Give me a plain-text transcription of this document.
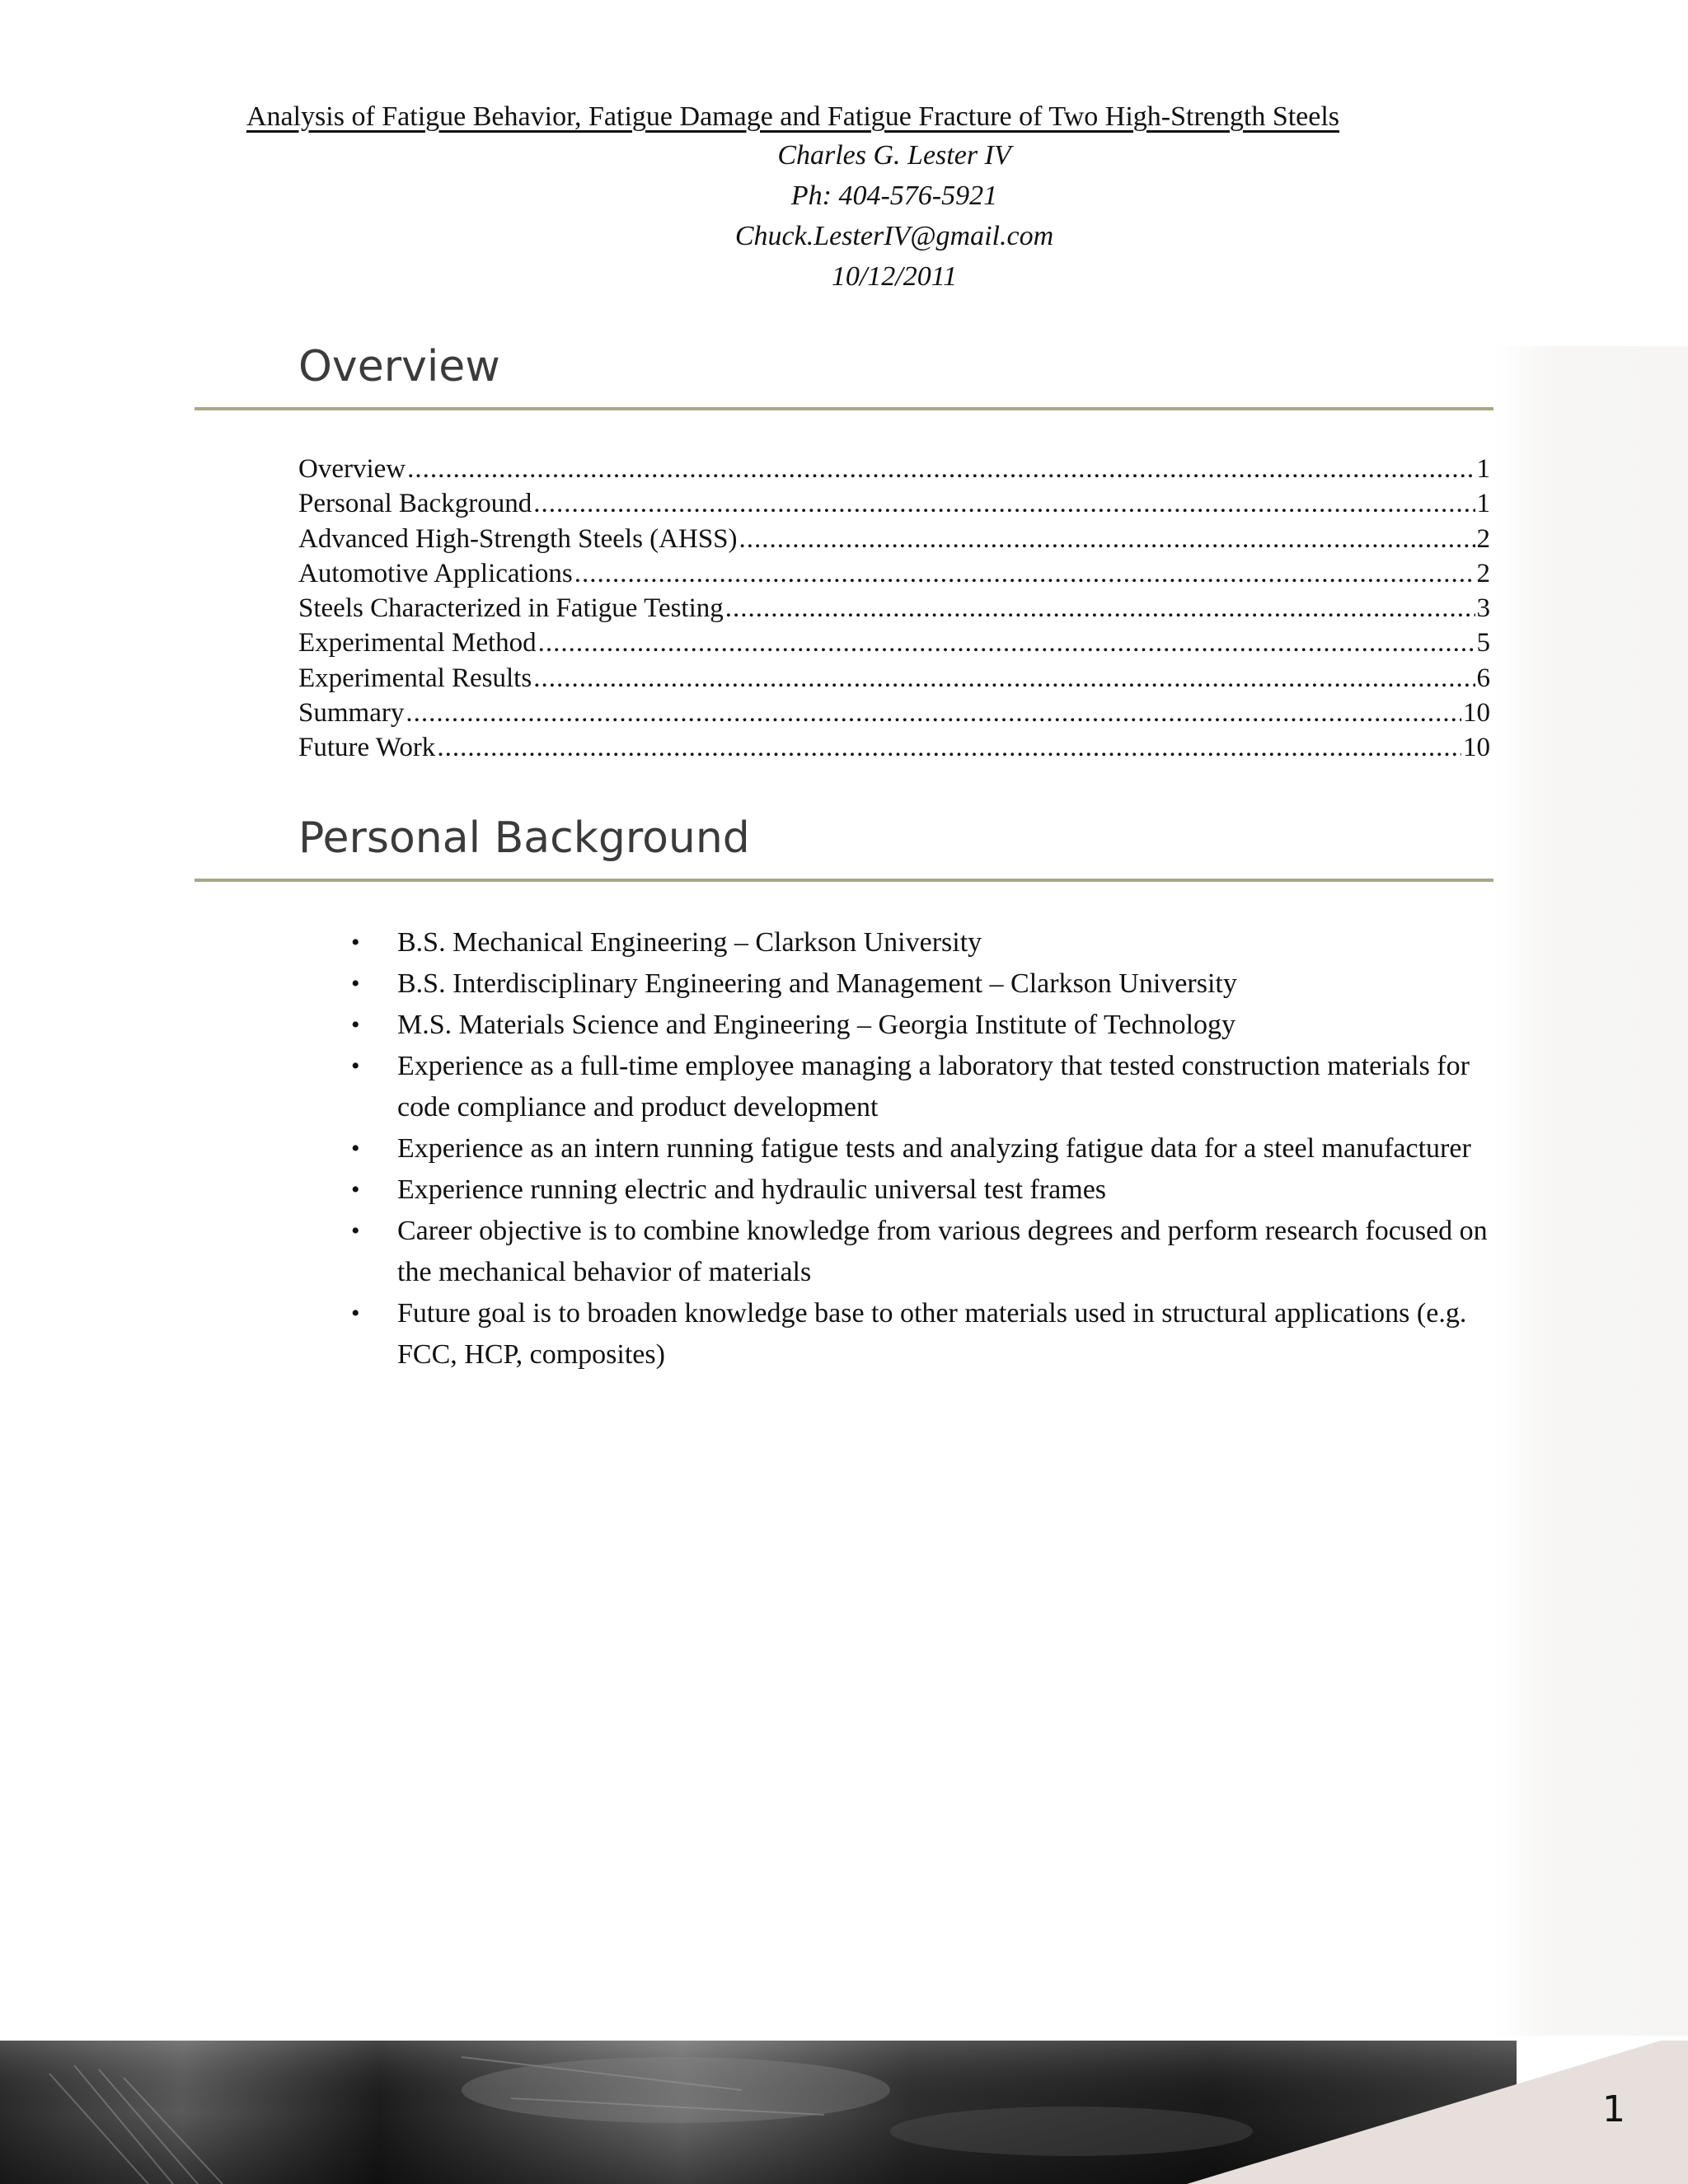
Analysis of Fatigue Behavior, Fatigue Damage and Fatigue Fracture of Two High-Strength Steels
Charles G. Lester IV
Ph: 404-576-5921
Chuck.LesterIV@gmail.com
10/12/2011
Overview
Overview .....	1
Personal Background .....	1
Advanced High-Strength Steels (AHSS) .....	2
Automotive Applications .....	2
Steels Characterized in Fatigue Testing .....	3
Experimental Method .....	5
Experimental Results .....	6
Summary .....	10
Future Work .....	10
Personal Background
• B.S. Mechanical Engineering – Clarkson University
• B.S. Interdisciplinary Engineering and Management – Clarkson University
• M.S. Materials Science and Engineering – Georgia Institute of Technology
• Experience as a full-time employee managing a laboratory that tested construction materials for code compliance and product development
• Experience as an intern running fatigue tests and analyzing fatigue data for a steel manufacturer
• Experience running electric and hydraulic universal test frames
• Career objective is to combine knowledge from various degrees and perform research focused on the mechanical behavior of materials
• Future goal is to broaden knowledge base to other materials used in structural applications (e.g. FCC, HCP, composites)
1
